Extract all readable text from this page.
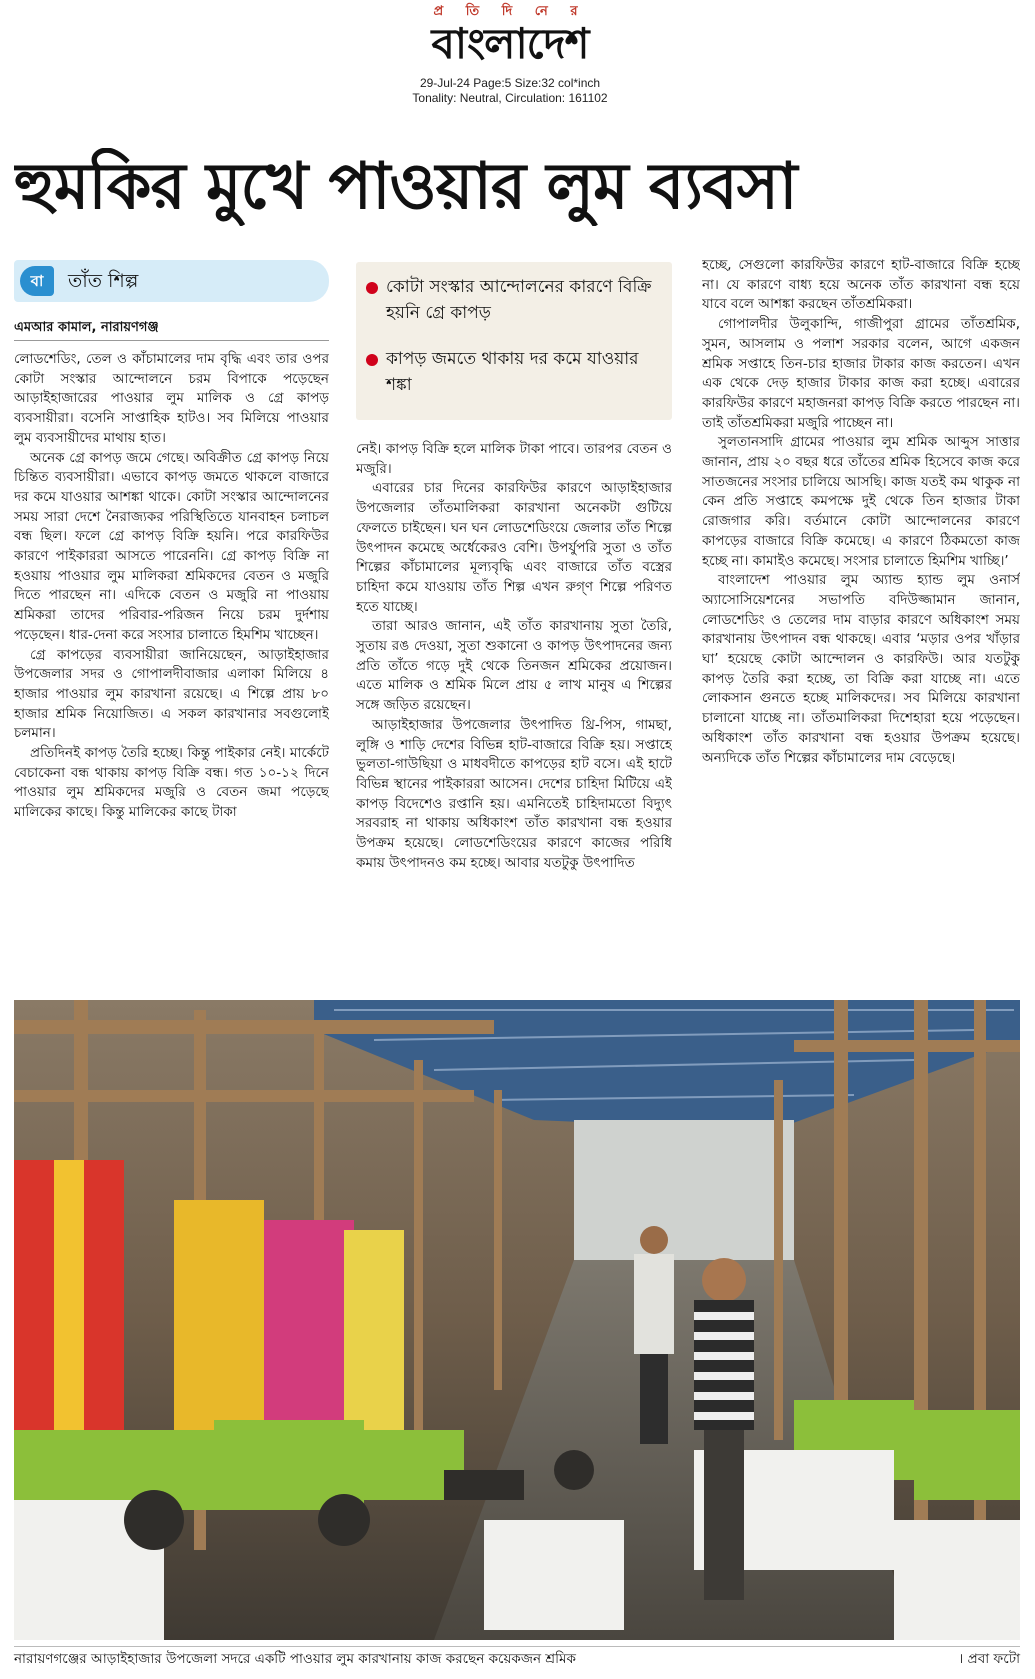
প্র তি দি নে র
বাংলাদেশ
29-Jul-24 Page:5 Size:32 col*inch
Tonality: Neutral, Circulation: 161102
হুমকির মুখে পাওয়ার লুম ব্যবসা
বা	তাঁত শিল্প
এমআর কামাল, নারায়ণগঞ্জ
কোটা সংস্কার আন্দোলনের কারণে বিক্রি হয়নি গ্রে কাপড়
কাপড় জমতে থাকায় দর কমে যাওয়ার শঙ্কা

লোডশেডিং, তেল ও কাঁচামালের দাম বৃদ্ধি এবং তার ওপর কোটা সংস্কার আন্দোলনে চরম বিপাকে পড়েছেন আড়াইহাজারের পাওয়ার লুম মালিক ও গ্রে কাপড় ব্যবসায়ীরা। বসেনি সাপ্তাহিক হাটও। সব মিলিয়ে পাওয়ার লুম ব্যবসায়ীদের মাথায় হাত।

অনেক গ্রে কাপড় জমে গেছে। অবিক্রীত গ্রে কাপড় নিয়ে চিন্তিত ব্যবসায়ীরা। এভাবে কাপড় জমতে থাকলে বাজারে দর কমে যাওয়ার আশঙ্কা থাকে। কোটা সংস্কার আন্দোলনের সময় সারা দেশে নৈরাজ্যকর পরিস্থিতিতে যানবাহন চলাচল বন্ধ ছিল। ফলে গ্রে কাপড় বিক্রি হয়নি। পরে কারফিউর কারণে পাইকাররা আসতে পারেননি। গ্রে কাপড় বিক্রি না হওয়ায় পাওয়ার লুম মালিকরা শ্রমিকদের বেতন ও মজুরি দিতে পারছেন না। এদিকে বেতন ও মজুরি না পাওয়ায় শ্রমিকরা তাদের পরিবার-পরিজন নিয়ে চরম দুর্দশায় পড়েছেন। ধার-দেনা করে সংসার চালাতে হিমশিম খাচ্ছেন।

গ্রে কাপড়ের ব্যবসায়ীরা জানিয়েছেন, আড়াইহাজার উপজেলার সদর ও গোপালদীবাজার এলাকা মিলিয়ে ৪ হাজার পাওয়ার লুম কারখানা রয়েছে। এ শিল্পে প্রায় ৮০ হাজার শ্রমিক নিয়োজিত। এ সকল কারখানার সবগুলোই চলমান।

প্রতিদিনই কাপড় তৈরি হচ্ছে। কিন্তু পাইকার নেই। মার্কেটে বেচাকেনা বন্ধ থাকায় কাপড় বিক্রি বন্ধ। গত ১০-১২ দিনে পাওয়ার লুম শ্রমিকদের মজুরি ও বেতন জমা পড়েছে মালিকের কাছে। কিন্তু মালিকের কাছে টাকা

নেই। কাপড় বিক্রি হলে মালিক টাকা পাবে। তারপর বেতন ও মজুরি।

এবারের চার দিনের কারফিউর কারণে আড়াইহাজার উপজেলার তাঁতমালিকরা কারখানা অনেকটা গুটিয়ে ফেলতে চাইছেন। ঘন ঘন লোডশেডিংয়ে জেলার তাঁত শিল্পে উৎপাদন কমেছে অর্ধেকেরও বেশি। উপর্যুপরি সুতা ও তাঁত শিল্পের কাঁচামালের মূল্যবৃদ্ধি এবং বাজারে তাঁত বস্ত্রের চাহিদা কমে যাওয়ায় তাঁত শিল্প এখন রুগ্‌ণ শিল্পে পরিণত হতে যাচ্ছে।

তারা আরও জানান, এই তাঁত কারখানায় সুতা তৈরি, সুতায় রঙ দেওয়া, সুতা শুকানো ও কাপড় উৎপাদনের জন্য প্রতি তাঁতে গড়ে দুই থেকে তিনজন শ্রমিকের প্রয়োজন। এতে মালিক ও শ্রমিক মিলে প্রায় ৫ লাখ মানুষ এ শিল্পের সঙ্গে জড়িত রয়েছেন।

আড়াইহাজার উপজেলার উৎপাদিত থ্রি-পিস, গামছা, লুঙ্গি ও শাড়ি দেশের বিভিন্ন হাট-বাজারে বিক্রি হয়। সপ্তাহে ভুলতা-গাউছিয়া ও মাধবদীতে কাপড়ের হাট বসে। এই হাটে বিভিন্ন স্থানের পাইকাররা আসেন। দেশের চাহিদা মিটিয়ে এই কাপড় বিদেশেও রপ্তানি হয়। এমনিতেই চাহিদামতো বিদ্যুৎ সরবরাহ না থাকায় অধিকাংশ তাঁত কারখানা বন্ধ হওয়ার উপক্রম হয়েছে। লোডশেডিংয়ের কারণে কাজের পরিধি কমায় উৎপাদনও কম হচ্ছে। আবার যতটুকু উৎপাদিত

হচ্ছে, সেগুলো কারফিউর কারণে হাট-বাজারে বিক্রি হচ্ছে না। যে কারণে বাধ্য হয়ে অনেক তাঁত কারখানা বন্ধ হয়ে যাবে বলে আশঙ্কা করছেন তাঁতশ্রমিকরা।

গোপালদীর উলুকান্দি, গাজীপুরা গ্রামের তাঁতশ্রমিক, সুমন, আসলাম ও পলাশ সরকার বলেন, আগে একজন শ্রমিক সপ্তাহে তিন-চার হাজার টাকার কাজ করতেন। এখন এক থেকে দেড় হাজার টাকার কাজ করা হচ্ছে। এবারের কারফিউর কারণে মহাজনরা কাপড় বিক্রি করতে পারছেন না। তাই তাঁতশ্রমিকরা মজুরি পাচ্ছেন না।

সুলতানসাদি গ্রামের পাওয়ার লুম শ্রমিক আব্দুস সাত্তার জানান, প্রায় ২০ বছর ধরে তাঁতের শ্রমিক হিসেবে কাজ করে সাতজনের সংসার চালিয়ে আসছি। কাজ যতই কম থাকুক না কেন প্রতি সপ্তাহে কমপক্ষে দুই থেকে তিন হাজার টাকা রোজগার করি। বর্তমানে কোটা আন্দোলনের কারণে কাপড়ের বাজারে বিক্রি কমেছে। এ কারণে ঠিকমতো কাজ হচ্ছে না। কামাইও কমেছে। সংসার চালাতে হিমশিম খাচ্ছি।’

বাংলাদেশ পাওয়ার লুম অ্যান্ড হ্যান্ড লুম ওনার্স অ্যাসোসিয়েশনের সভাপতি বদিউজ্জামান জানান, লোডশেডিং ও তেলের দাম বাড়ার কারণে অধিকাংশ সময় কারখানায় উৎপাদন বন্ধ থাকছে। এবার ‘মড়ার ওপর খাঁড়ার ঘা’ হয়েছে কোটা আন্দোলন ও কারফিউ। আর যতটুকু কাপড় তৈরি করা হচ্ছে, তা বিক্রি করা যাচ্ছে না। এতে লোকসান গুনতে হচ্ছে মালিকদের। সব মিলিয়ে কারখানা চালানো যাচ্ছে না। তাঁতমালিকরা দিশেহারা হয়ে পড়েছেন। অধিকাংশ তাঁত কারখানা বন্ধ হওয়ার উপক্রম হয়েছে। অন্যদিকে তাঁত শিল্পের কাঁচামালের দাম বেড়েছে।

নারায়ণগঞ্জের আড়াইহাজার উপজেলা সদরে একটি পাওয়ার লুম কারখানায় কাজ করছেন কয়েকজন শ্রমিক	। প্রবা ফটো
